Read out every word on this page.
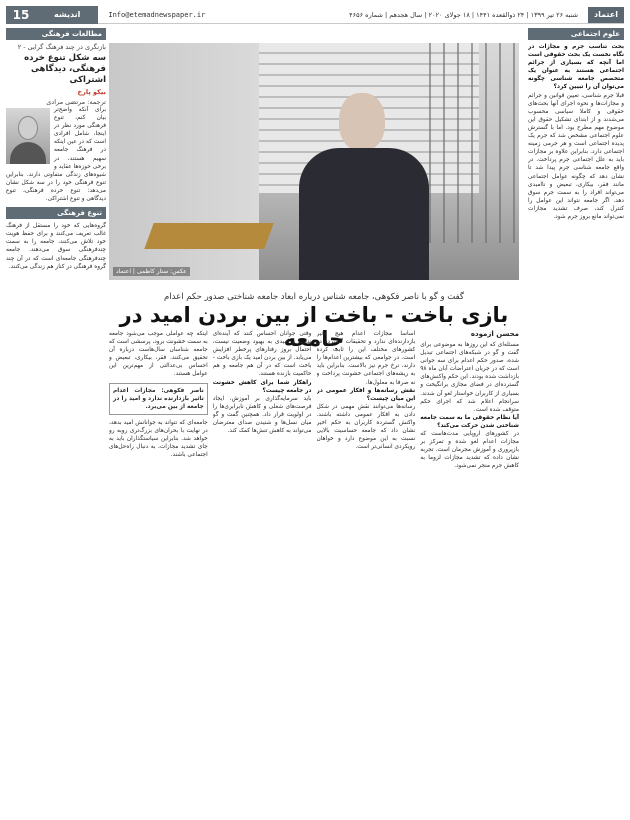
اعتماد
شنبه ۲۶ تیر ۱۳۹۹ | ۲۴ ذوالقعده ۱۴۴۱ | ۱۸ جولای ۲۰۲۰ | سال هجدهم | شماره ۴۶۵۶
Info@etemadnewspaper.ir
اندیشه
15
علوم اجتماعی

بحث تناسب جرم و مجازات در نگاه نخست یک بحث حقوقی است اما آنچه که بسیاری از جرائم اجتماعی هستند به عنوان یک متخصص جامعه شناسی چگونه می‌توان آن را تبیین کرد؟

قبلا جرم شناسی، تعیین قوانین و جرائم و مجازات‌ها و نحوه اجرای آنها بحث‌های حقوقی و کاملا سیاسی محسوب می‌شدند و از ابتدای تشکیل حقوق این موضوع مهم مطرح بود. اما با گسترش علوم اجتماعی مشخص شد که جرم یک پدیده اجتماعی است و هر جرمی زمینه اجتماعی دارد. بنابراین علاوه بر مجازات باید به علل اجتماعی جرم پرداخت. در واقع جامعه شناسی جرم پیدا شد تا نشان دهد که چگونه عوامل اجتماعی مانند فقر، بیکاری، تبعیض و ناامیدی می‌تواند افراد را به سمت جرم سوق دهد. اگر جامعه نتواند این عوامل را کنترل کند، صرف تشدید مجازات نمی‌تواند مانع بروز جرم شود.

مطالعات فرهنگی
بازنگری در چند فرهنگ گرایی - ۲
سه شکل تنوع خرده فرهنگی، دیدگاهی اشتراکی
بیکو پارخ
ترجمه: مرتضی مرادی

برای آنکه واضح‌تر بیان کنم، تنوع فرهنگی مورد نظر در اینجا، شامل افرادی است که در عین اینکه در فرهنگ جامعه سهیم هستند، در برخی حوزه‌ها عقاید و شیوه‌های زندگی متفاوتی دارند. بنابراین تنوع فرهنگی خود را در سه شکل نشان می‌دهد: تنوع خرده فرهنگی، تنوع دیدگاهی و تنوع اشتراکی.

تنوع فرهنگی

گروه‌هایی که خود را مستقل از فرهنگ غالب تعریف می‌کنند و برای حفظ هویت خود تلاش می‌کنند، جامعه را به سمت چندفرهنگی سوق می‌دهند. جامعه چندفرهنگی جامعه‌ای است که در آن چند گروه فرهنگی در کنار هم زندگی می‌کنند.

عکس: ستار کاظمی | اعتماد
گفت و گو با ناصر فکوهی، جامعه شناس درباره ابعاد جامعه شناختی صدور حکم اعدام
بازی باخت - باخت از بین بردن امید در جامعه	محسن آزموده

مسئله‌ای که این روزها به موضوعی برای گفت و گو در شبکه‌های اجتماعی تبدیل شده، صدور حکم اعدام برای سه جوانی است که در جریان اعتراضات آبان ماه ۹۸ بازداشت شده بودند. این حکم واکنش‌های گسترده‌ای در فضای مجازی برانگیخت و بسیاری از کاربران خواستار لغو آن شدند. سرانجام اعلام شد که اجرای حکم متوقف شده است.

آیا نظام حقوقی ما به سمت جامعه شناختی شدن حرکت می‌کند؟

در کشورهای اروپایی مدت‌هاست که مجازات اعدام لغو شده و تمرکز بر بازپروری و آموزش مجرمان است. تجربه نشان داده که تشدید مجازات لزوما به کاهش جرم منجر نمی‌شود.

اساسا مجازات اعدام هیچ تاثیر بازدارنده‌ای ندارد و تحقیقات گسترده در کشورهای مختلف این را ثابت کرده است. در جوامعی که بیشترین اعدام‌ها را دارند، نرخ جرم نیز بالاست. بنابراین باید به ریشه‌های اجتماعی خشونت پرداخت و نه صرفا به معلول‌ها.

نقش رسانه‌ها و افکار عمومی در این میان چیست؟

رسانه‌ها می‌توانند نقش مهمی در شکل دادن به افکار عمومی داشته باشند. واکنش گسترده کاربران به حکم اخیر نشان داد که جامعه حساسیت بالایی نسبت به این موضوع دارد و خواهان رویکردی انسانی‌تر است.

وقتی جوانان احساس کنند که آینده‌ای ندارند و امیدی به بهبود وضعیت نیست، احتمال بروز رفتارهای پرخطر افزایش می‌یابد. از بین بردن امید یک بازی باخت - باخت است که در آن هم جامعه و هم حاکمیت بازنده هستند.

راهکار شما برای کاهش خشونت در جامعه چیست؟

باید سرمایه‌گذاری بر آموزش، ایجاد فرصت‌های شغلی و کاهش نابرابری‌ها را در اولویت قرار داد. همچنین گفت و گو میان نسل‌ها و شنیدن صدای معترضان می‌تواند به کاهش تنش‌ها کمک کند.

اینکه چه عواملی موجب می‌شود جامعه به سمت خشونت برود، پرسشی است که جامعه شناسان سال‌هاست درباره آن تحقیق می‌کنند. فقر، بیکاری، تبعیض و احساس بی‌عدالتی از مهم‌ترین این عوامل هستند.

ناصر فکوهی: مجازات اعدام تاثیر بازدارنده ندارد و امید را در جامعه از بین می‌برد.

جامعه‌ای که نتواند به جوانانش امید بدهد، در نهایت با بحران‌های بزرگ‌تری روبه رو خواهد شد. بنابراین سیاستگذاران باید به جای تشدید مجازات، به دنبال راه‌حل‌های اجتماعی باشند.
